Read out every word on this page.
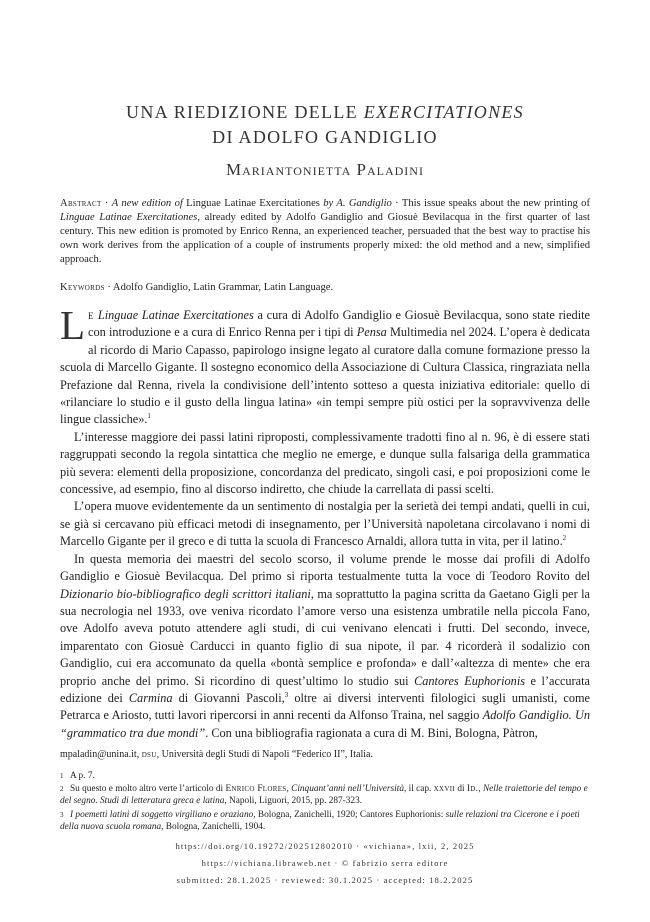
UNA RIEDIZIONE DELLE EXERCITATIONES
DI ADOLFO GANDIGLIO
Mariantonietta Paladini
Abstract · A new edition of Linguae Latinae Exercitationes by A. Gandiglio · This issue speaks about the new printing of Linguae Latinae Exercitationes, already edited by Adolfo Gandiglio and Giosuè Bevilacqua in the first quarter of last century. This new edition is promoted by Enrico Renna, an experienced teacher, persuaded that the best way to practise his own work derives from the application of a couple of instruments properly mixed: the old method and a new, simplified approach.
Keywords · Adolfo Gandiglio, Latin Grammar, Latin Language.

Le Linguae Latinae Exercitationes a cura di Adolfo Gandiglio e Giosuè Bevilacqua, sono state riedite con introduzione e a cura di Enrico Renna per i tipi di Pensa Multimedia nel 2024. L’opera è dedicata al ricordo di Mario Capasso, papirologo insigne legato al curatore dalla comune formazione presso la scuola di Marcello Gigante. Il sostegno economico della Associazione di Cultura Classica, ringraziata nella Prefazione dal Renna, rivela la condivisione dell’intento sotteso a questa iniziativa editoriale: quello di «rilanciare lo studio e il gusto della lingua latina» «in tempi sempre più ostici per la sopravvivenza delle lingue classiche».$^1$

L’interesse maggiore dei passi latini riproposti, complessivamente tradotti fino al n. 96, è di essere stati raggruppati secondo la regola sintattica che meglio ne emerge, e dunque sulla falsariga della grammatica più severa: elementi della proposizione, concordanza del predicato, singoli casi, e poi proposizioni come le concessive, ad esempio, fino al discorso indiretto, che chiude la carrellata di passi scelti.

L’opera muove evidentemente da un sentimento di nostalgia per la serietà dei tempi andati, quelli in cui, se già si cercavano più efficaci metodi di insegnamento, per l’Università napoletana circolavano i nomi di Marcello Gigante per il greco e di tutta la scuola di Francesco Arnaldi, allora tutta in vita, per il latino.$^2$

In questa memoria dei maestri del secolo scorso, il volume prende le mosse dai profili di Adolfo Gandiglio e Giosuè Bevilacqua. Del primo si riporta testualmente tutta la voce di Teodoro Rovito del Dizionario bio-bibliografico degli scrittori italiani, ma soprattutto la pagina scritta da Gaetano Gigli per la sua necrologia nel 1933, ove veniva ricordato l’amore verso una esistenza umbratile nella piccola Fano, ove Adolfo aveva potuto attendere agli studi, di cui venivano elencati i frutti. Del secondo, invece, imparentato con Giosuè Carducci in quanto figlio di sua nipote, il par. 4 ricorderà il sodalizio con Gandiglio, cui era accomunato da quella «bontà semplice e profonda» e dall’«altezza di mente» che era proprio anche del primo. Si ricordino di quest’ultimo lo studio sui Cantores Euphorionis e l’accurata edizione dei Carmina di Giovanni Pascoli,$^3$ oltre ai diversi interventi filologici sugli umanisti, come Petrarca e Ariosto, tutti lavori ripercorsi in anni recenti da Alfonso Traina, nel saggio Adolfo Gandiglio. Un “grammatico tra due mondi”. Con una bibliografia ragionata a cura di M. Bini, Bologna, Pàtron,

mpaladin@unina.it, dsu, Università degli Studi di Napoli “Federico II”, Italia.
1 A p. 7.
2 Su questo e molto altro verte l’articolo di Enrico Flores, Cinquant’anni nell’Università, il cap. xxvii di Id., Nelle traiettorie del tempo e del segno. Studi di letteratura greca e latina, Napoli, Liguori, 2015, pp. 287-323.
3 I poemetti latini di soggetto virgiliano e oraziano, Bologna, Zanichelli, 1920; Cantores Euphorionis: sulle relazioni tra Cicerone e i poeti della nuova scuola romana, Bologna, Zanichelli, 1904.
https://doi.org/10.19272/202512802010 · «vichiana», lxii, 2, 2025
https://vichiana.libraweb.net · © fabrizio serra editore
submitted: 28.1.2025 · reviewed: 30.1.2025 · accepted: 18.2.2025
